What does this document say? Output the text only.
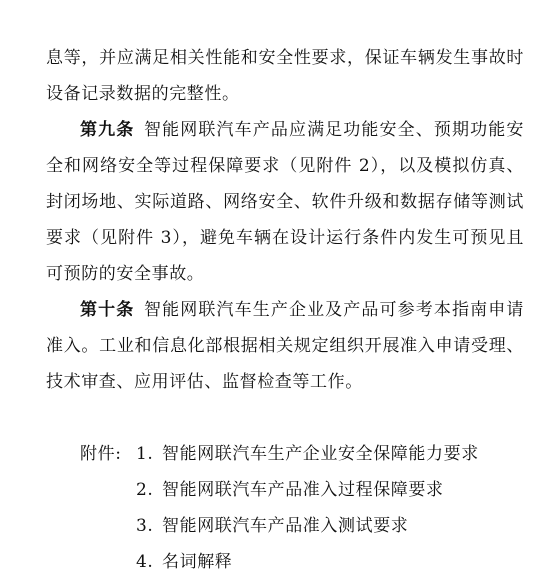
息等，并应满足相关性能和安全性要求，保证车辆发生事故时设备记录数据的完整性。
第九条  智能网联汽车产品应满足功能安全、预期功能安全和网络安全等过程保障要求（见附件 2），以及模拟仿真、封闭场地、实际道路、网络安全、软件升级和数据存储等测试要求（见附件 3），避免车辆在设计运行条件内发生可预见且可预防的安全事故。
第十条  智能网联汽车生产企业及产品可参考本指南申请准入。工业和信息化部根据相关规定组织开展准入申请受理、技术审查、应用评估、监督检查等工作。
附件: 1. 智能网联汽车生产企业安全保障能力要求
2. 智能网联汽车产品准入过程保障要求
3. 智能网联汽车产品准入测试要求
4. 名词解释
